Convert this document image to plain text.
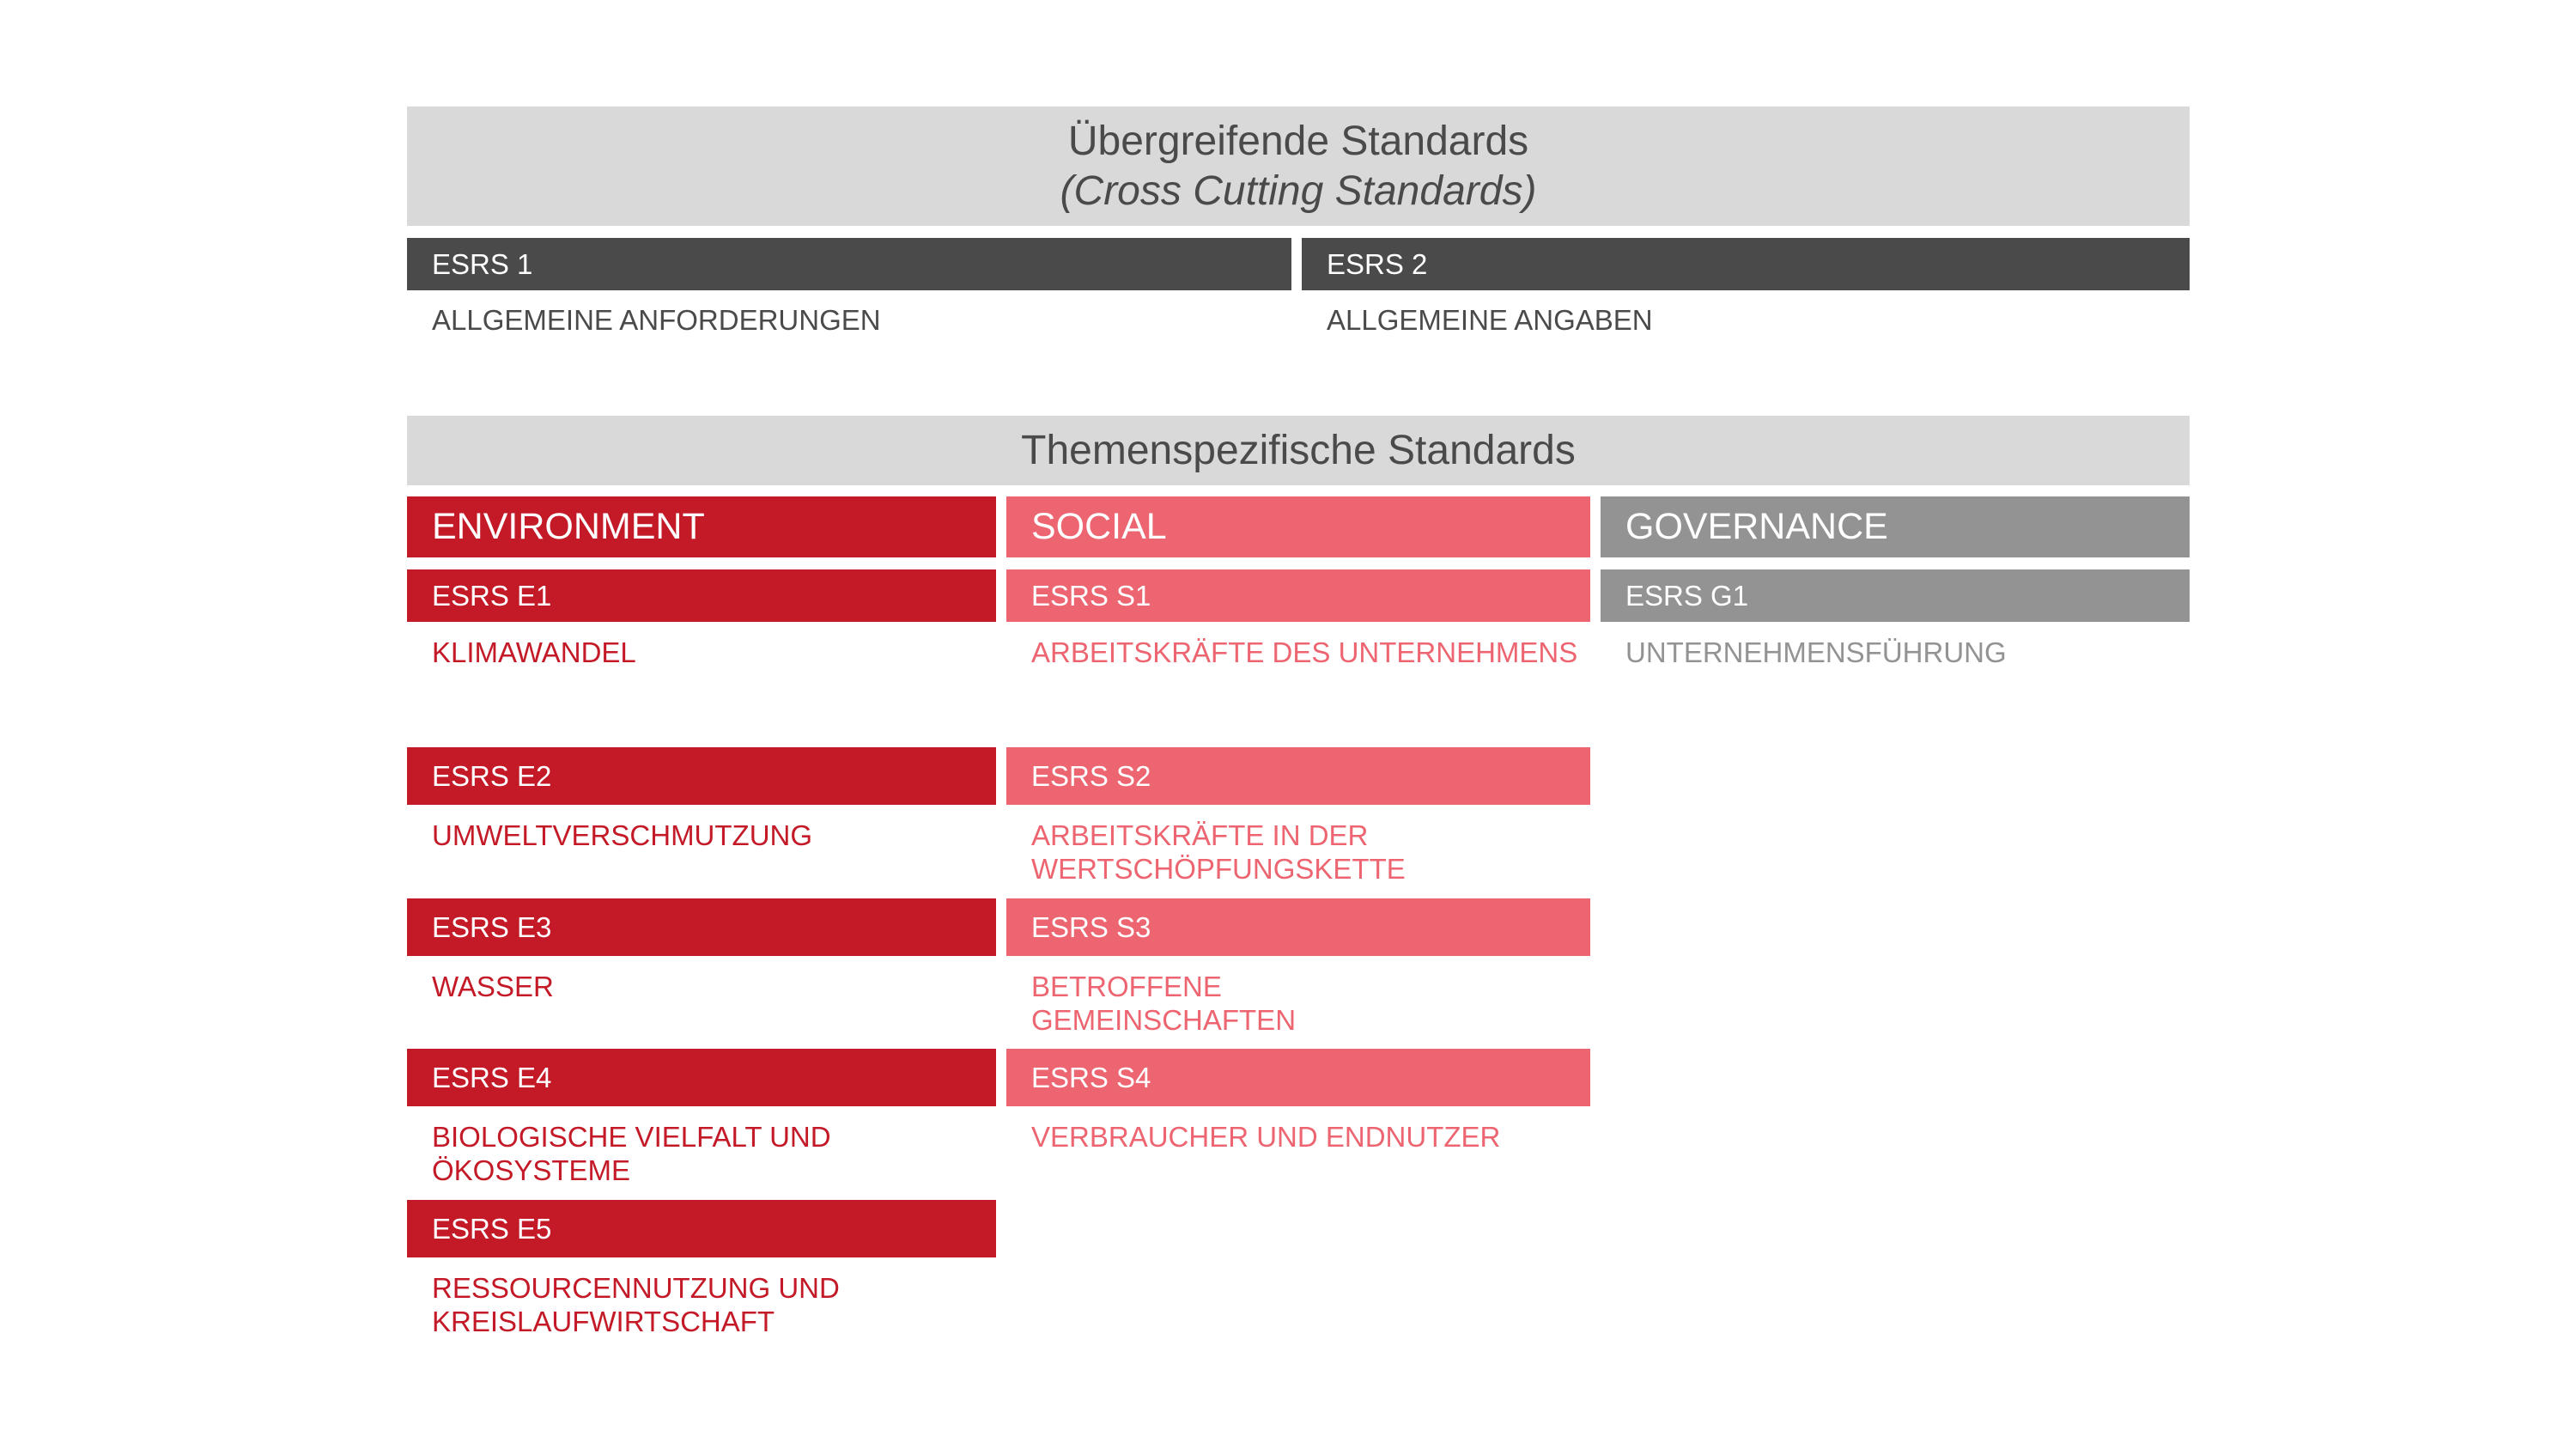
Übergreifende Standards
(Cross Cutting Standards)
ESRS 1
ALLGEMEINE ANFORDERUNGEN
ESRS 2
ALLGEMEINE ANGABEN
Themenspezifische Standards
ENVIRONMENT	SOCIAL	GOVERNANCE
ESRS E1
KLIMAWANDEL
ESRS E2
UMWELTVERSCHMUTZUNG
ESRS E3
WASSER
ESRS E4
BIOLOGISCHE VIELFALT UND ÖKOSYSTEME
ESRS E5
RESSOURCENNUTZUNG UND KREISLAUFWIRTSCHAFT
ESRS S1
ARBEITSKRÄFTE DES UNTERNEHMENS
ESRS S2
ARBEITSKRÄFTE IN DER WERTSCHÖPFUNGSKETTE
ESRS S3
BETROFFENE GEMEINSCHAFTEN
ESRS S4
VERBRAUCHER UND ENDNUTZER
ESRS G1
UNTERNEHMENSFÜHRUNG
